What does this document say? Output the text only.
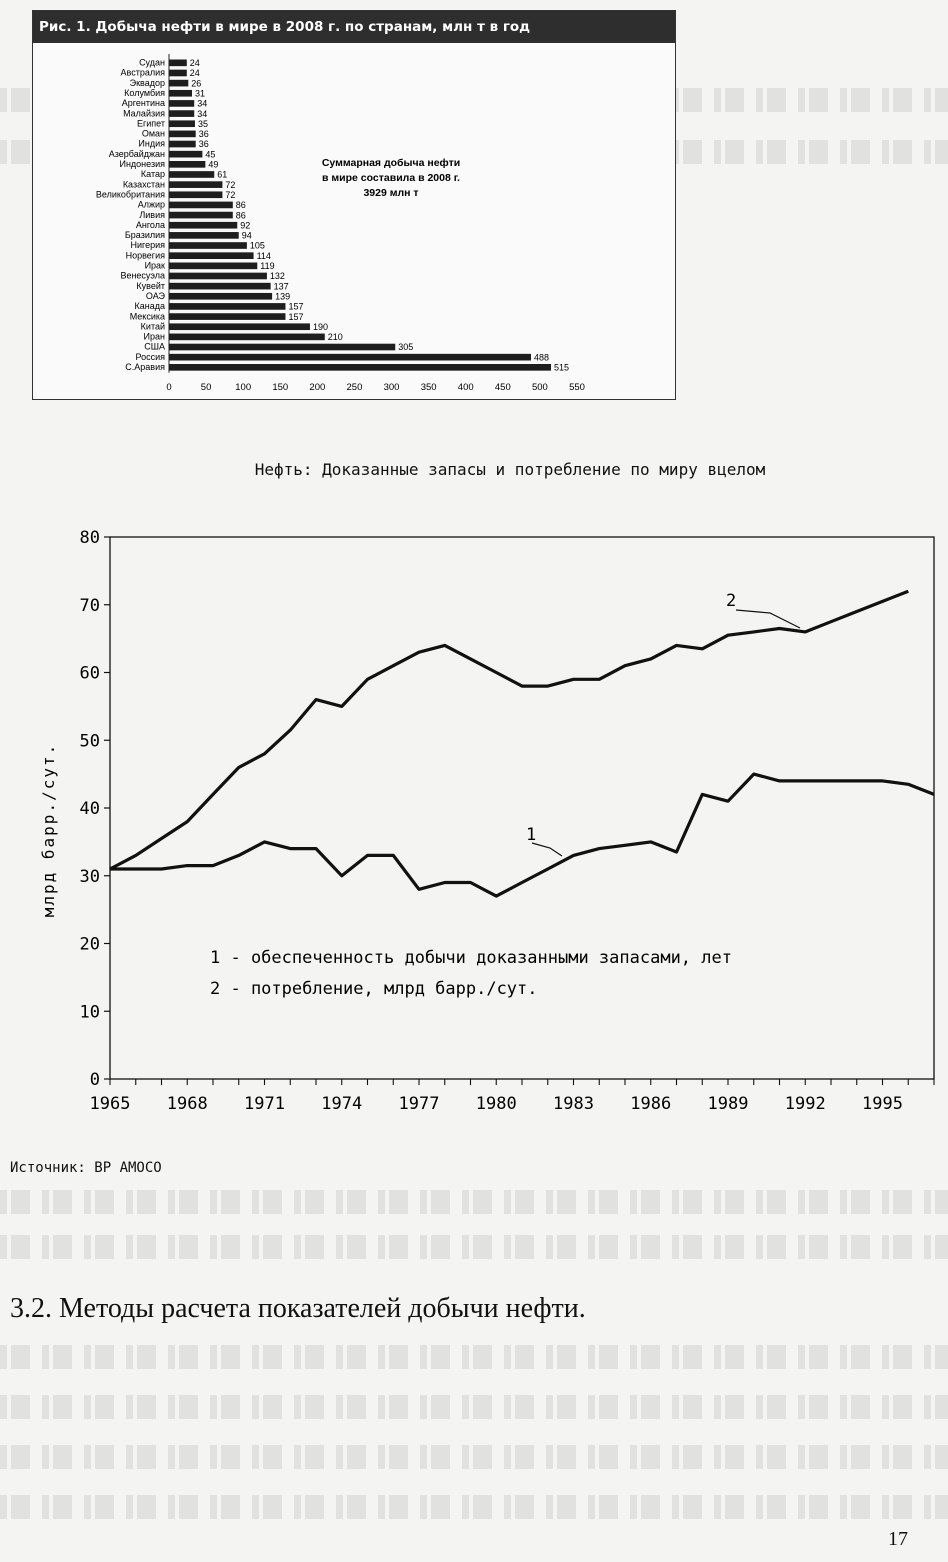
Рис. 1. Добыча нефти в мире в 2008 г. по странам, млн т в год
Судан	24
Австралия	24
Эквадор	26
Колумбия	31
Аргентина	34
Малайзия	34
Египет	35
Оман	36
Индия	36
Азербайджан	45
Индонезия	49
Катар	61
Казахстан	72
Великобритания	72
Алжир	86
Ливия	86
Ангола	92
Бразилия	94
Нигерия	105
Норвегия	114
Ирак	119
Венесуэла	132
Кувейт	137
ОАЭ	139
Канада	157
Мексика	157
Китай	190
Иран	210
США	305
Россия	488
С.Аравия	515
0	50	100 150 200 250 300 350 400 450 500 550
Суммарная добыча нефти
в мире составила в 2008 г.
3929 млн т
Нефть: Доказанные запасы и потребление по миру вцелом
0
10
20
30
40
50
60
70
80
1965 1968 1971 1974 1977 1980 1983 1986 1989 1992 1995
млрд барр./сут.
2
1
1 - обеспеченность добычи доказанными запасами, лет
2 - потребление, млрд барр./сут.
Источник: BP AMOCO
3.2. Методы расчета показателей добычи нефти.
17
